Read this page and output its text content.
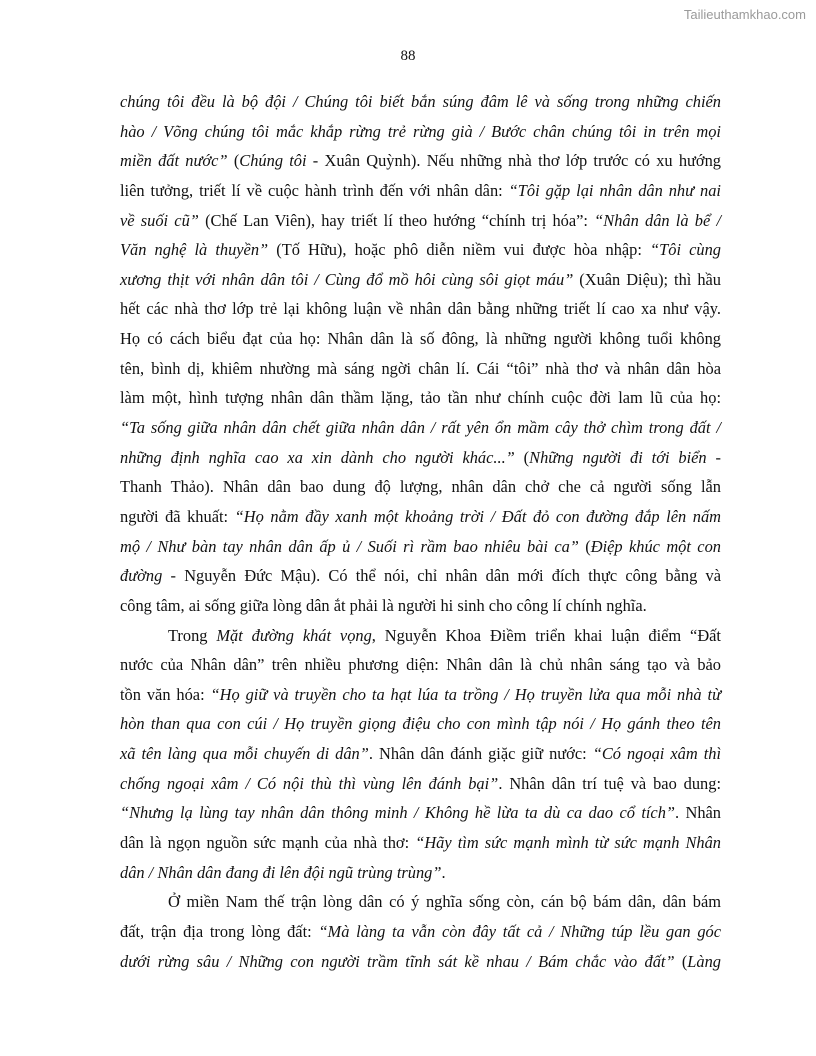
Tailieuthamkhao.com
88
chúng tôi đều là bộ đội / Chúng tôi biết bắn súng đâm lê và sống trong những chiến
hào / Võng chúng tôi mắc khắp rừng trẻ rừng già / Bước chân chúng tôi in trên mọi
miền đất nước” (Chúng tôi - Xuân Quỳnh). Nếu những nhà thơ lớp trước có xu hướng
liên tưởng, triết lí về cuộc hành trình đến với nhân dân: “Tôi gặp lại nhân dân như nai
về suối cũ” (Chế Lan Viên), hay triết lí theo hướng “chính trị hóa”: “Nhân dân là bể /
Văn nghệ là thuyền” (Tố Hữu), hoặc phô diễn niềm vui được hòa nhập: “Tôi cùng
xương thịt với nhân dân tôi / Cùng đổ mồ hôi cùng sôi giọt máu” (Xuân Diệu); thì hầu
hết các nhà thơ lớp trẻ lại không luận về nhân dân bằng những triết lí cao xa như vậy.
Họ có cách biểu đạt của họ: Nhân dân là số đông, là những người không tuổi không
tên, bình dị, khiêm nhường mà sáng ngời chân lí. Cái “tôi” nhà thơ và nhân dân hòa
làm một, hình tượng nhân dân thầm lặng, tảo tần như chính cuộc đời lam lũ của họ:
“Ta sống giữa nhân dân chết giữa nhân dân / rất yên ổn mầm cây thở chìm trong đất /
những định nghĩa cao xa xin dành cho người khác...” (Những người đi tới biển -
Thanh Thảo). Nhân dân bao dung độ lượng, nhân dân chở che cả người sống lẫn
người đã khuất: “Họ nằm đầy xanh một khoảng trời / Đất đỏ con đường đắp lên nấm
mộ / Như bàn tay nhân dân ấp ủ / Suối rì rầm bao nhiêu bài ca” (Điệp khúc một con
đường - Nguyễn Đức Mậu). Có thể nói, chỉ nhân dân mới đích thực công bằng và
công tâm, ai sống giữa lòng dân ắt phải là người hi sinh cho công lí chính nghĩa.
Trong Mặt đường khát vọng, Nguyễn Khoa Điềm triển khai luận điểm “Đất
nước của Nhân dân” trên nhiều phương diện: Nhân dân là chủ nhân sáng tạo và bảo
tồn văn hóa: “Họ giữ và truyền cho ta hạt lúa ta trồng / Họ truyền lửa qua mỗi nhà từ
hòn than qua con cúi / Họ truyền giọng điệu cho con mình tập nói / Họ gánh theo tên
xã tên làng qua mỗi chuyến di dân”. Nhân dân đánh giặc giữ nước: “Có ngoại xâm thì
chống ngoại xâm / Có nội thù thì vùng lên đánh bại”. Nhân dân trí tuệ và bao dung:
“Nhưng lạ lùng tay nhân dân thông minh / Không hề lừa ta dù ca dao cổ tích”. Nhân
dân là ngọn nguồn sức mạnh của nhà thơ: “Hãy tìm sức mạnh mình từ sức mạnh Nhân
dân / Nhân dân đang đi lên đội ngũ trùng trùng”.
Ở miền Nam thế trận lòng dân có ý nghĩa sống còn, cán bộ bám dân, dân bám
đất, trận địa trong lòng đất: “Mà làng ta vẫn còn đây tất cả / Những túp lều gan góc
dưới rừng sâu / Những con người trầm tĩnh sát kề nhau / Bám chắc vào đất” (Làng
